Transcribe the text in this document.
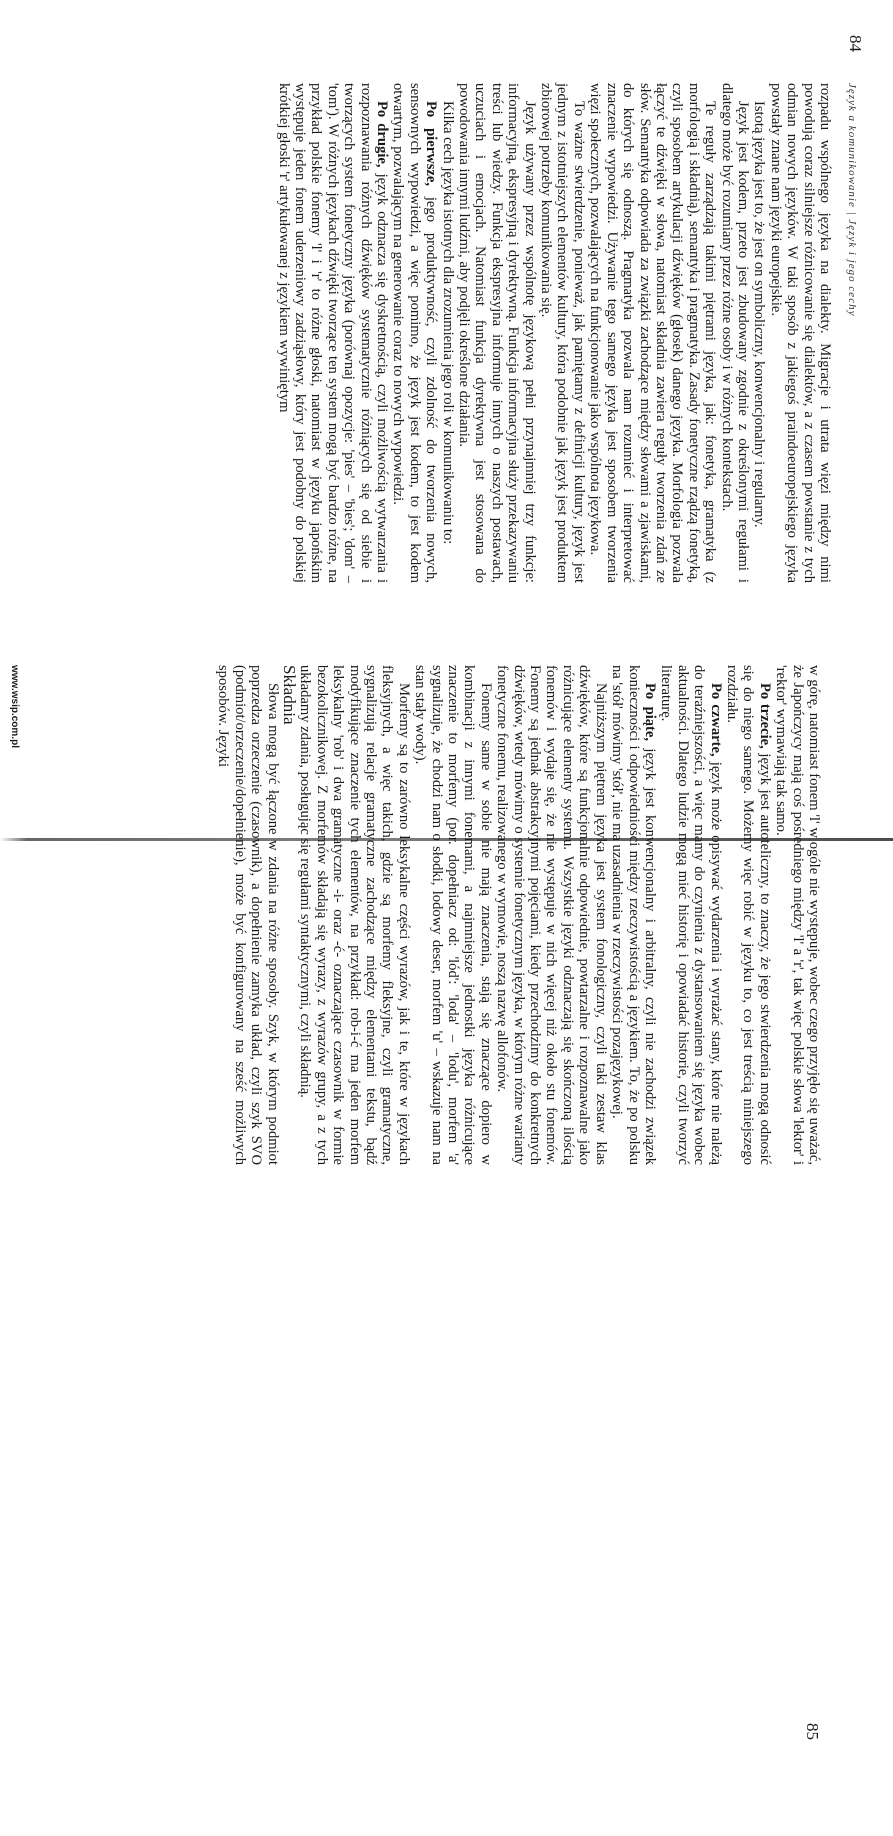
84
Język a komunikowanie | Język i jego cechy

rozpadu wspólnego języka na dialekty. Migracje i utrata więzi między nimi powodują coraz silniejsze różnicowanie się dialektów, a z czasem powstanie z tych odmian nowych języków. W taki sposób z jakiegoś praindoeuropejskiego języka powstały znane nam języki europejskie.

Istotą języka jest to, że jest on symboliczny, konwencjonalny i regularny.

Język jest kodem, przeto jest zbudowany zgodnie z określonymi regułami i dlatego może być rozumiany przez różne osoby i w różnych kontekstach.

Te reguły zarządzają takimi piętrami języka, jak: fonetyka, gramatyka (z morfologią i składnią), semantyka i pragmatyka. Zasady fonetyczne rządzą fonetyką, czyli sposobem artykulacji dźwięków (głosek) danego języka. Morfologia pozwala łączyć te dźwięki w słowa, natomiast składnia zawiera reguły tworzenia zdań ze słów. Semantyka odpowiada za związki zachodzące między słowami a zjawiskami, do których się odnoszą. Pragmatyka pozwala nam rozumieć i interpretować znaczenie wypowiedzi. Używanie tego samego języka jest sposobem tworzenia więzi społecznych, pozwalających na funkcjonowanie jako wspólnota językowa.

To ważne stwierdzenie, ponieważ, jak pamiętamy z definicji kultury, język jest jednym z istotniejszych elementów kultury, która podobnie jak język jest produktem zbiorowej potrzeby komunikowania się.

Język używany przez wspólnotę językową pełni przynajmniej trzy funkcje: informacyjną, ekspresyjną i dyrektywną. Funkcja informacyjna służy przekazywaniu treści lub wiedzy. Funkcja ekspresyjna informuje innych o naszych postawach, uczuciach i emocjach. Natomiast funkcja dyrektywna jest stosowana do powodowania innymi ludźmi, aby podjęli określone działania.

Kilka cech języka istotnych dla zrozumienia jego roli w komunikowaniu to:

Po pierwsze, jego produktywność, czyli zdolność do tworzenia nowych, sensownych wypowiedzi, a więc pomimo, że język jest kodem, to jest kodem otwartym, pozwalającym na generowanie coraz to nowych wypowiedzi.

Po drugie, język odznacza się dyskretnością, czyli możliwością wytwarzania i rozpoznawania różnych dźwięków systematycznie różniących się od siebie i tworzących system fonetyczny języka (porównaj opozycje: 'pies' – 'bies'; 'dom' – 'tom'). W różnych językach dźwięki tworzące ten system mogą być bardzo różne, na przykład polskie fonemy 'l' i 'r' to różne głoski, natomiast w języku japońskim występuje jeden fonem uderzeniowy zadziąsłowy, który jest podobny do polskiej krótkiej głoski 'r' artykułowanej z językiem wywiniętym

w górę, natomiast fonem 'l' w ogóle nie występuje, wobec czego przyjęło się uważać, że Japończycy mają coś pośredniego między 'l' a 'r', tak więc polskie słowa 'lektor' i 'rektor' wymawiają tak samo.

Po trzecie, język jest autoteliczny, to znaczy, że jego stwierdzenia mogą odnosić się do niego samego. Możemy więc robić w języku to, co jest treścią niniejszego rozdziału.

Po czwarte, język może opisywać wydarzenia i wyrażać stany, które nie należą do teraźniejszości, a więc mamy do czynienia z dystansowaniem się języka wobec aktualności. Dlatego ludzie mogą mieć historię i opowiadać historie, czyli tworzyć literaturę.

Po piąte, język jest konwencjonalny i arbitralny, czyli nie zachodzi związek konieczności i odpowiedniości między rzeczywistością a językiem. To, że po polsku na 'stół' mówimy 'stół', nie ma uzasadnienia w rzeczywistości pozajęzykowej.

Najniższym piętrem języka jest system fonologiczny, czyli taki zestaw klas dźwięków, które są funkcjonalnie odpowiednie, powtarzalne i rozpoznawalne jako różnicujące elementy systemu. Wszystkie języki odznaczają się skończoną ilością fonemów i wydaje się, że nie występuje w nich więcej niż około stu fonemów. Fonemy są jednak abstrakcyjnymi pojęciami, kiedy przechodzimy do konkretnych dźwięków, wtedy mówimy o systemie fonetycznym języka, w którym różne warianty fonetyczne fonemu, realizowanego w wymowie, noszą nazwę allofonów.

Fonemy same w sobie nie mają znaczenia, stają się znaczące dopiero w kombinacji z innymi fonemami, a najmniejsze jednostki języka różnicujące znaczenie to morfemy (por. dopełniacz od: 'lód': 'loda' – 'lodu', morfem 'a' sygnalizuje, że chodzi nam o słodki, lodowy deser, morfem 'u' – wskazuje nam na stan stały wody).

Morfemy są to zarówno leksykalne części wyrazów, jak i te, które w językach fleksyjnych, a więc takich, gdzie są morfemy fleksyjne, czyli gramatyczne, sygnalizują relacje gramatyczne zachodzące między elementami tekstu, bądź modyfikujące znaczenie tych elementów, na przykład: rob-i-ć ma jeden morfem leksykalny 'rob' i dwa gramatyczne -i- oraz -ć- oznaczające czasownik w formie bezokolicznikowej. Z morfemów składają się wyrazy, z wyrazów grupy, a z tych układamy zdania, posługując się regułami syntaktycznymi, czyli składnią.

Składnia

Słowa mogą być łączone w zdania na różne sposoby. Szyk, w którym podmiot poprzedza orzeczenie (czasownik), a dopełnienie zamyka układ, czyli szyk SVO (podmiot/orzeczenie/dopełnienie), może być konfigurowany na sześć możliwych sposobów. Języki

85
www.wsip.com.pl
